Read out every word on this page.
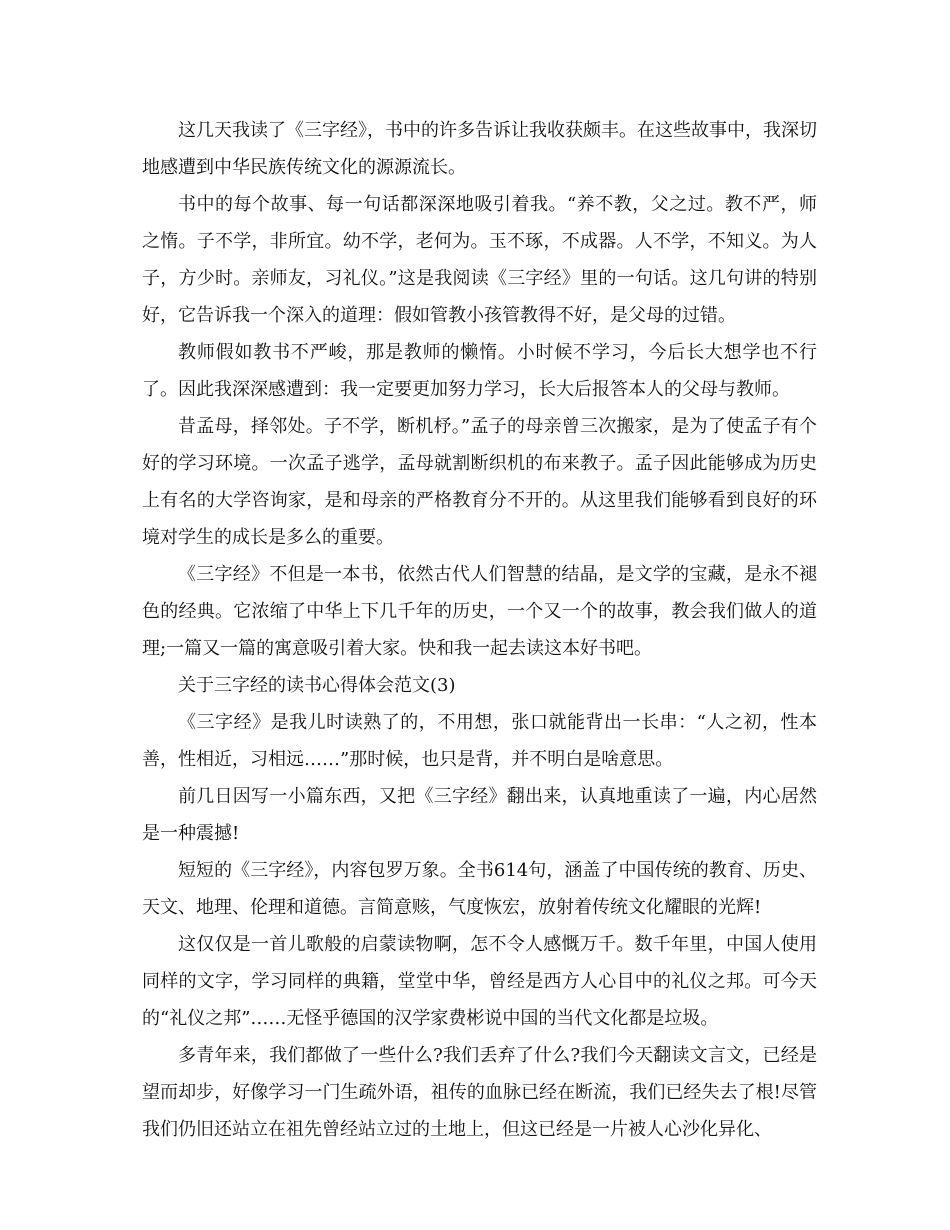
这几天我读了《三字经》，书中的许多告诉让我收获颇丰。在这些故事中，我深切地感遭到中华民族传统文化的源源流长。

书中的每个故事、每一句话都深深地吸引着我。“养不教，父之过。教不严，师之惰。子不学，非所宜。幼不学，老何为。玉不琢，不成器。人不学，不知义。为人子，方少时。亲师友，习礼仪。”这是我阅读《三字经》里的一句话。这几句讲的特别好，它告诉我一个深入的道理：假如管教小孩管教得不好，是父母的过错。

教师假如教书不严峻，那是教师的懒惰。小时候不学习，今后长大想学也不行了。因此我深深感遭到：我一定要更加努力学习，长大后报答本人的父母与教师。

昔孟母，择邻处。子不学，断机杼。”孟子的母亲曾三次搬家，是为了使孟子有个好的学习环境。一次孟子逃学，孟母就割断织机的布来教子。孟子因此能够成为历史上有名的大学咨询家，是和母亲的严格教育分不开的。从这里我们能够看到良好的环境对学生的成长是多么的重要。

《三字经》不但是一本书，依然古代人们智慧的结晶，是文学的宝藏，是永不褪色的经典。它浓缩了中华上下几千年的历史，一个又一个的故事，教会我们做人的道理;一篇又一篇的寓意吸引着大家。快和我一起去读这本好书吧。

关于三字经的读书心得体会范文(3)

《三字经》是我儿时读熟了的，不用想，张口就能背出一长串：“人之初，性本善，性相近，习相远……”那时候，也只是背，并不明白是啥意思。

前几日因写一小篇东西，又把《三字经》翻出来，认真地重读了一遍，内心居然是一种震撼!

短短的《三字经》，内容包罗万象。全书614句，涵盖了中国传统的教育、历史、天文、地理、伦理和道德。言简意赅，气度恢宏，放射着传统文化耀眼的光辉!

这仅仅是一首儿歌般的启蒙读物啊，怎不令人感慨万千。数千年里，中国人使用同样的文字，学习同样的典籍，堂堂中华，曾经是西方人心目中的礼仪之邦。可今天的“礼仪之邦”……无怪乎德国的汉学家费彬说中国的当代文化都是垃圾。

多青年来，我们都做了一些什么?我们丢弃了什么?我们今天翻读文言文，已经是望而却步，好像学习一门生疏外语，祖传的血脉已经在断流，我们已经失去了根!尽管我们仍旧还站立在祖先曾经站立过的土地上，但这已经是一片被人心沙化异化、
